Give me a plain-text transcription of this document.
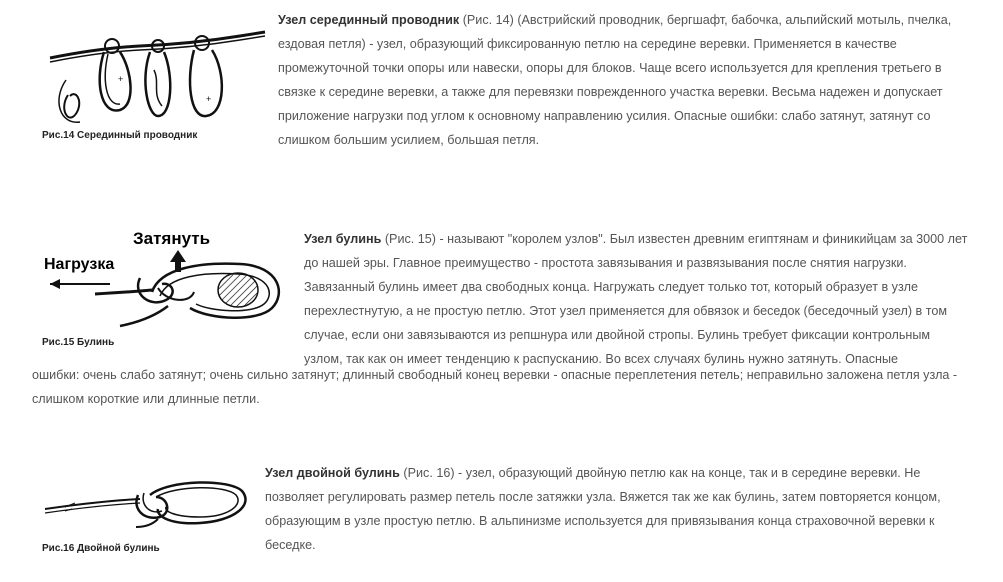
+
+
Рис.14 Серединный проводник
Узел серединный проводник (Рис. 14) (Австрийский проводник, бергшафт, бабочка, альпийский мотыль, пчелка, ездовая петля) - узел, образующий фиксированную петлю на середине веревки. Применяется в качестве промежуточной точки опоры или навески, опоры для блоков. Чаще всего используется для крепления третьего в связке к середине веревки, а также для перевязки поврежденного участка веревки. Весьма надежен и допускает приложение нагрузки под углом к основному направлению усилия. Опасные ошибки: слабо затянут, затянут со слишком большим усилием, большая петля.
Затянуть
Нагрузка
Рис.15 Булинь
Узел булинь (Рис. 15) - называют "королем узлов". Был известен древним египтянам и финикийцам за 3000 лет до нашей эры. Главное преимущество - простота завязывания и развязывания после снятия нагрузки. Завязанный булинь имеет два свободных конца. Нагружать следует только тот, который образует в узле перехлестнутую, а не простую петлю. Этот узел применяется для обвязок и беседок (беседочный узел) в том случае, если они завязываются из репшнура или двойной стропы. Булинь требует фиксации контрольным узлом, так как он имеет тенденцию к распусканию. Во всех случаях булинь нужно затянуть. Опасные
ошибки: очень слабо затянут; очень сильно затянут; длинный свободный конец веревки - опасные переплетения петель; неправильно заложена петля узла - слишком короткие или длинные петли.
Рис.16 Двойной булинь
Узел двойной булинь (Рис. 16) - узел, образующий двойную петлю как на конце, так и в середине веревки. Не позволяет регулировать размер петель после затяжки узла. Вяжется так же как булинь, затем повторяется концом, образующим в узле простую петлю. В альпинизме используется для привязывания конца страховочной веревки к беседке.
